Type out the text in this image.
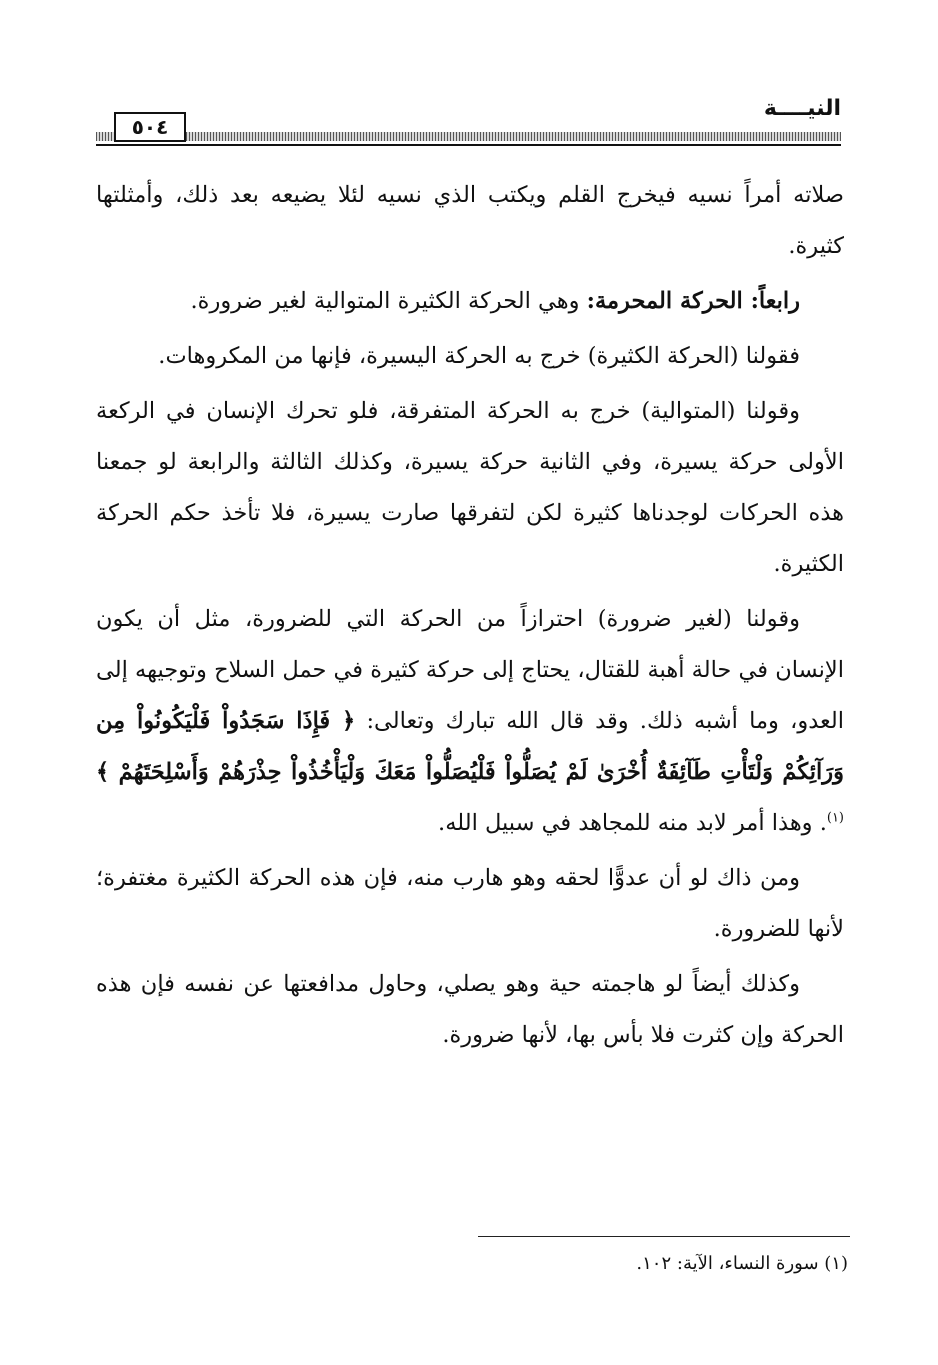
النيــــة
٥٠٤

صلاته أمراً نسيه فيخرج القلم ويكتب الذي نسيه لئلا يضيعه بعد ذلك، وأمثلتها كثيرة.

رابعاً: الحركة المحرمة: وهي الحركة الكثيرة المتوالية لغير ضرورة.

فقولنا (الحركة الكثيرة) خرج به الحركة اليسيرة، فإنها من المكروهات.

وقولنا (المتوالية) خرج به الحركة المتفرقة، فلو تحرك الإنسان في الركعة الأولى حركة يسيرة، وفي الثانية حركة يسيرة، وكذلك الثالثة والرابعة لو جمعنا هذه الحركات لوجدناها كثيرة لكن لتفرقها صارت يسيرة، فلا تأخذ حكم الحركة الكثيرة.

وقولنا (لغير ضرورة) احترازاً من الحركة التي للضرورة، مثل أن يكون الإنسان في حالة أهبة للقتال، يحتاج إلى حركة كثيرة في حمل السلاح وتوجيهه إلى العدو، وما أشبه ذلك. وقد قال الله تبارك وتعالى: ﴿ فَإِذَا سَجَدُواْ فَلْيَكُونُواْ مِن وَرَآئِكُمْ وَلْتَأْتِ طَآئِفَةٌ أُخْرَىٰ لَمْ يُصَلُّواْ فَلْيُصَلُّواْ مَعَكَ وَلْيَأْخُذُواْ حِذْرَهُمْ وَأَسْلِحَتَهُمْ ﴾$^{(١)}$. وهذا أمر لابد منه للمجاهد في سبيل الله.

ومن ذاك لو أن عدوًّا لحقه وهو هارب منه، فإن هذه الحركة الكثيرة مغتفرة؛ لأنها للضرورة.

وكذلك أيضاً لو هاجمته حية وهو يصلي، وحاول مدافعتها عن نفسه فإن هذه الحركة وإن كثرت فلا بأس بها، لأنها ضرورة.

(١) سورة النساء، الآية: ١٠٢.
